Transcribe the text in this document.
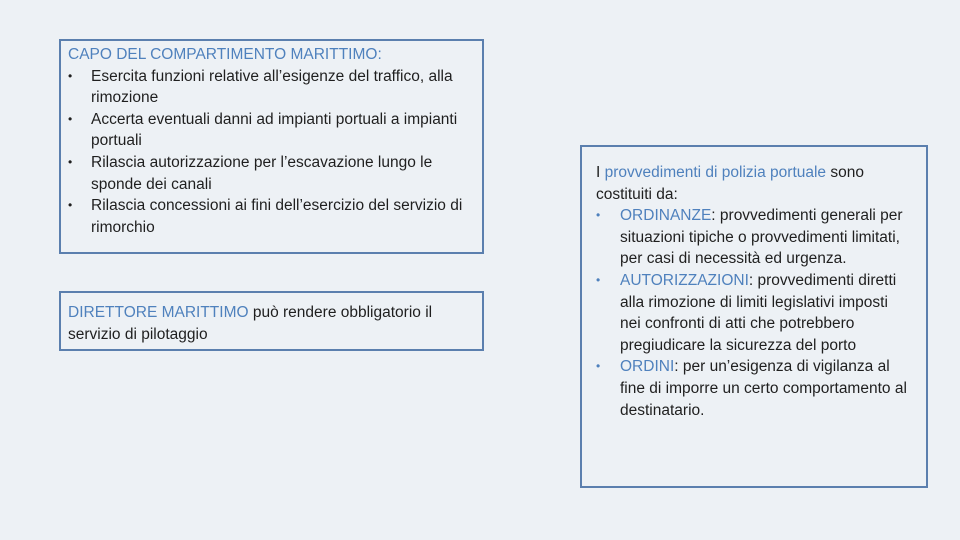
CAPO DEL COMPARTIMENTO MARITTIMO:
•	Esercita funzioni relative all’esigenze del traffico, alla rimozione
•	Accerta eventuali danni ad impianti portuali a impianti portuali
•	Rilascia autorizzazione per l’escavazione lungo le sponde dei canali
•	Rilascia concessioni ai fini dell’esercizio del servizio di rimorchio
DIRETTORE MARITTIMO può rendere obbligatorio il servizio di pilotaggio
I provvedimenti di polizia portuale sono costituiti da:
•	ORDINANZE: provvedimenti generali per situazioni tipiche o provvedimenti limitati, per casi di necessità ed urgenza.
•	AUTORIZZAZIONI: provvedimenti diretti alla rimozione di limiti legislativi imposti nei confronti di atti che potrebbero pregiudicare la sicurezza del porto
•	ORDINI: per un’esigenza di vigilanza al fine di imporre un certo comportamento al destinatario.
